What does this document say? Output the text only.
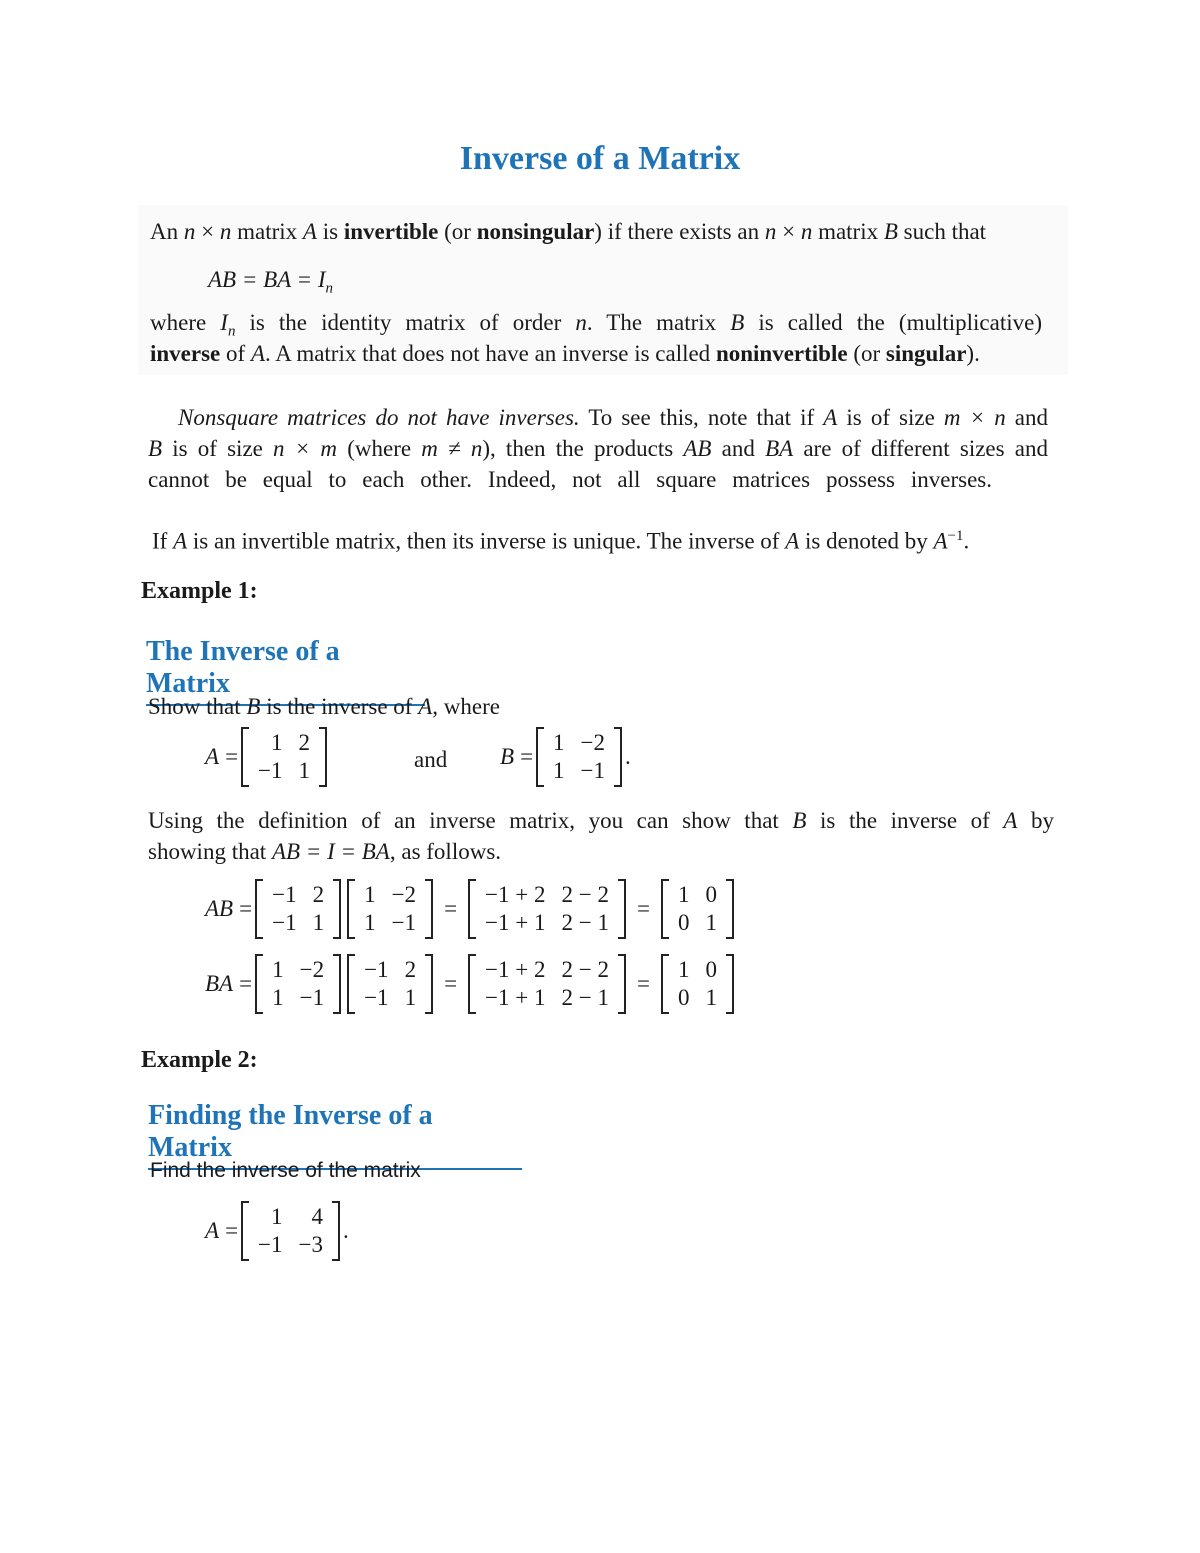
Inverse of a Matrix
An n × n matrix A is invertible (or nonsingular) if there exists an n × n matrix B such that
AB = BA = $I_n$
where $I_n$ is the identity matrix of order n. The matrix B is called the (multiplicative)
inverse of A. A matrix that does not have an inverse is called noninvertible (or singular).
Nonsquare matrices do not have inverses. To see this, note that if A is of size m × n and
B is of size n × m (where m ≠ n), then the products AB and BA are of different sizes and
cannot be equal to each other. Indeed, not all square matrices possess inverses.
If A is an invertible matrix, then its inverse is unique. The inverse of A is denoted by $A^{-1}$.
Example 1:
The Inverse of a Matrix
Show that B is the inverse of A, where
A =
1	2
−1	1	and B =
1	−2
1	−1
.
Using the definition of an inverse matrix, you can show that B is the inverse of A by
showing that AB = I = BA, as follows.
AB =
−1	2
−1	1
1	−2
1	−1
=
−1 + 2	2 − 2
−1 + 1	2 − 1
=
1	0
0	1
BA =
1	−2
1	−1
−1	2
−1	1
=
−1 + 2	2 − 2
−1 + 1	2 − 1
=
1	0
0	1
Example 2:
Finding the Inverse of a Matrix
Find the inverse of the matrix
A =
1	4
−1	−3
.
